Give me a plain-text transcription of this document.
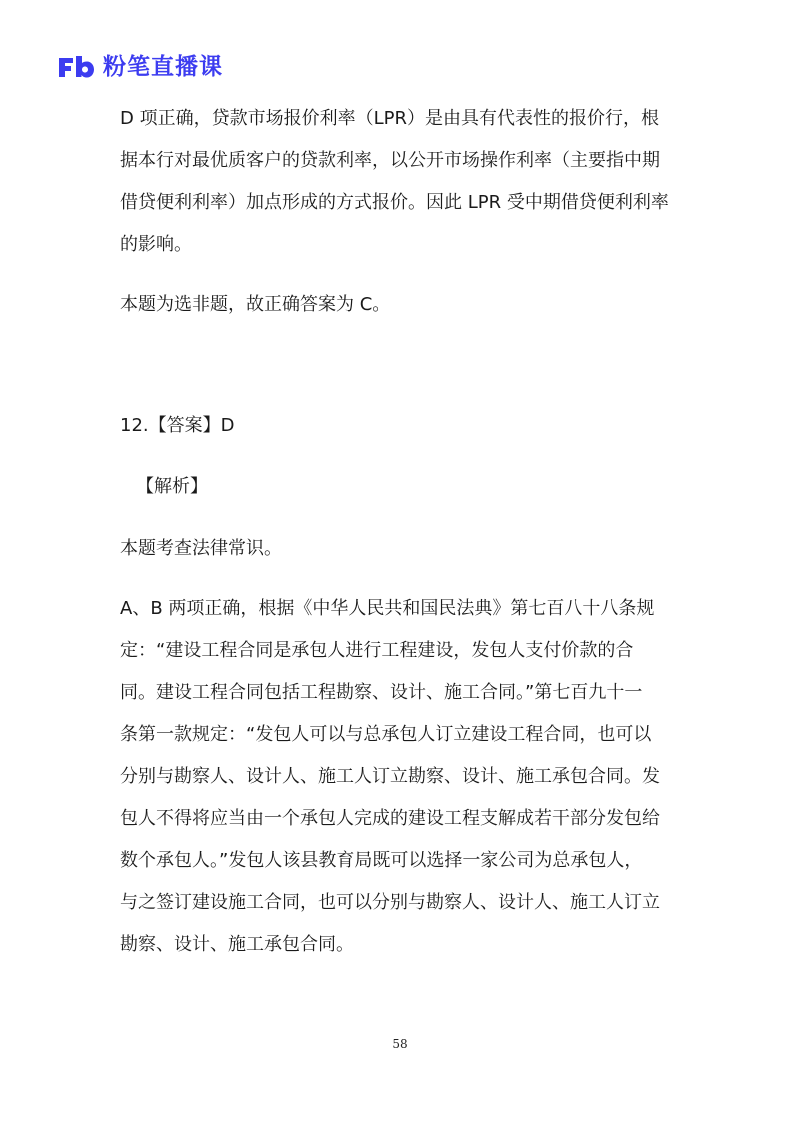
粉笔直播课
D 项正确，贷款市场报价利率（LPR）是由具有代表性的报价行，根
据本行对最优质客户的贷款利率，以公开市场操作利率（主要指中期
借贷便利利率）加点形成的方式报价。因此 LPR 受中期借贷便利利率
的影响。
本题为选非题，故正确答案为 C。
12.【答案】D
【解析】
本题考查法律常识。
A、B 两项正确，根据《中华人民共和国民法典》第七百八十八条规
定：“建设工程合同是承包人进行工程建设，发包人支付价款的合
同。建设工程合同包括工程勘察、设计、施工合同。”第七百九十一
条第一款规定：“发包人可以与总承包人订立建设工程合同，也可以
分别与勘察人、设计人、施工人订立勘察、设计、施工承包合同。发
包人不得将应当由一个承包人完成的建设工程支解成若干部分发包给
数个承包人。”发包人该县教育局既可以选择一家公司为总承包人，
与之签订建设施工合同，也可以分别与勘察人、设计人、施工人订立
勘察、设计、施工承包合同。
58
